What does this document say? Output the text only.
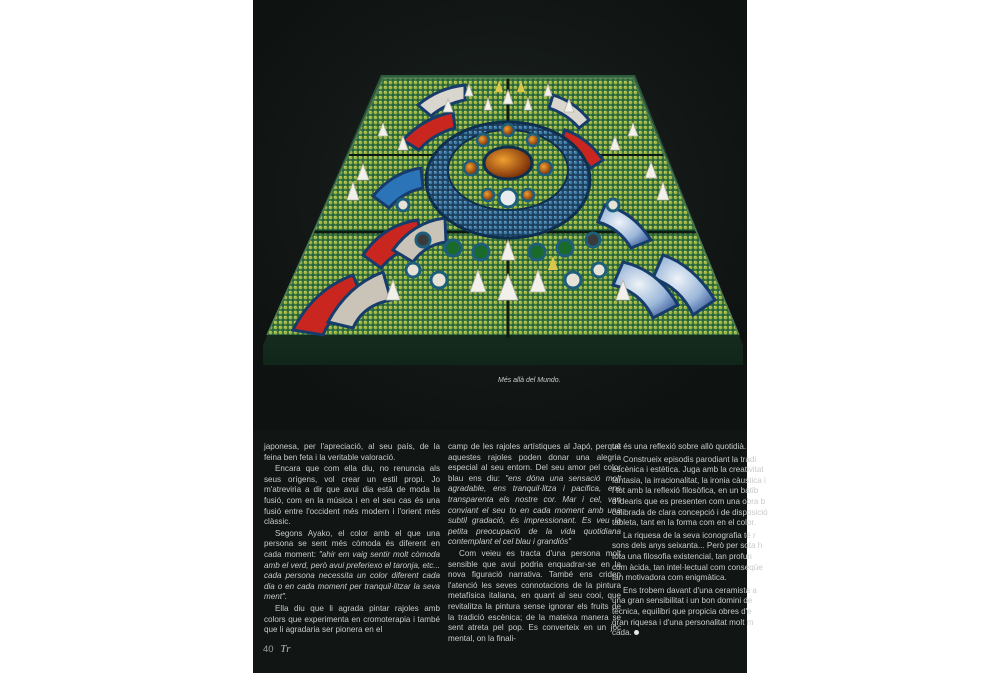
Més allà del Mundo.

japonesa, per l'apreciació, al seu país, de la feina ben feta i la veritable valoració.

Encara que com ella diu, no renuncia als seus orígens, vol crear un estil propi. Jo m'atreviria a dir que avui dia està de moda la fusió, com en la música i en el seu cas és una fusió entre l'occident més modern i l'orient més clàssic.

Segons Ayako, el color amb el que una persona se sent més còmoda és diferent en cada moment: "ahir em vaig sentir molt còmoda amb el verd, però avui preferiexo el taronja, etc... cada persona necessita un color diferent cada dia o en cada moment per tranquil·litzar la seva ment".

Ella diu que li agrada pintar rajoles amb colors que experimenta en cromoterapia i també que li agradaria ser pionera en el

camp de les rajoles artístiques al Japó, perquè aquestes rajoles poden donar una alegria especial al seu entorn. Del seu amor pel color blau ens diu: "ens dóna una sensació molt agradable, ens tranquil·litza i pacifica, ens transparenta els nostre cor. Mar i cel, van conviant el seu to en cada moment amb una subtil gradació, és impressionant. Es veu la petita preocupació de la vida quotidiana contemplant el cel blau i grandiós"

Com veieu es tracta d'una persona molt sensible que avui podria enquadrar-se en la nova figuració narrativa. També ens criden l'atenció les seves connotacions de la pintura metafísica italiana, en quant al seu cooi, que revitalitza la pintura sense ignorar els fruits de la tradició escènica; de la mateixa manera se sent atreta pel pop. Es converteix en un joc mental, on la finali-

tat és una reflexió sobre allò quotidià.
Construeix episodis parodiant la tradi
escènica i estètica. Juga amb la creativitat
fantasia, la irracionalitat, la ironia càustica i
i tot amb la reflexió filosòfica, en un batib
d'idearis que es presenten com una obra b
calibrada de clara concepció i de disposició
tableta, tant en la forma com en el color.
La riquesa de la seva iconografia té r
sons dels anys seixanta... Però per sota h
tota una filosofia existencial, tan profun
com àcida, tan intel·lectual com conseqüe
tan motivadora com enigmàtica.
Ens trobem davant d'una ceramista a
una gran sensibilitat i un bon domini de
tècnica, equilibri que propicia obres d'e
gran riquesa i d'una personalitat molt m
cada.
40 Tr
